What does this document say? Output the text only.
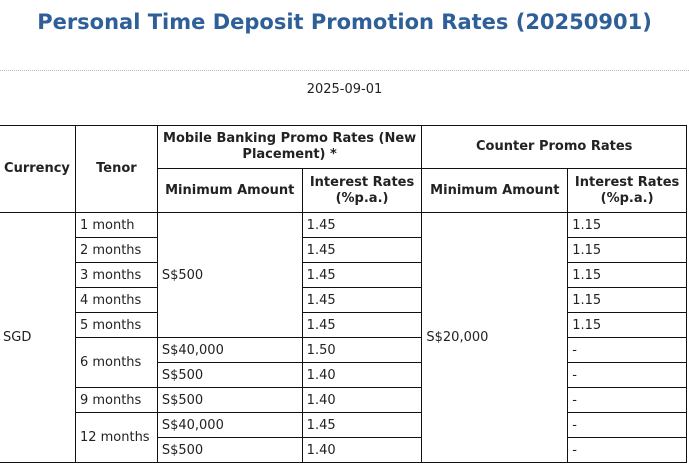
Personal Time Deposit Promotion Rates (20250901)
2025-09-01
Currency	Tenor	Mobile Banking Promo Rates (New Placement) *		Counter Promo Rates	
		Minimum Amount	Interest Rates (%p.a.)	Minimum Amount	Interest Rates (%p.a.)
SGD	1 month	S$500	1.45	S$20,000	1.15
	2 months		1.45		1.15
	3 months		1.45		1.15
	4 months		1.45		1.15
	5 months		1.45		1.15
	6 months	S$40,000	1.50		-
		S$500	1.40		-
	9 months	S$500	1.40		-
	12 months	S$40,000	1.45		-
		S$500	1.40		-
